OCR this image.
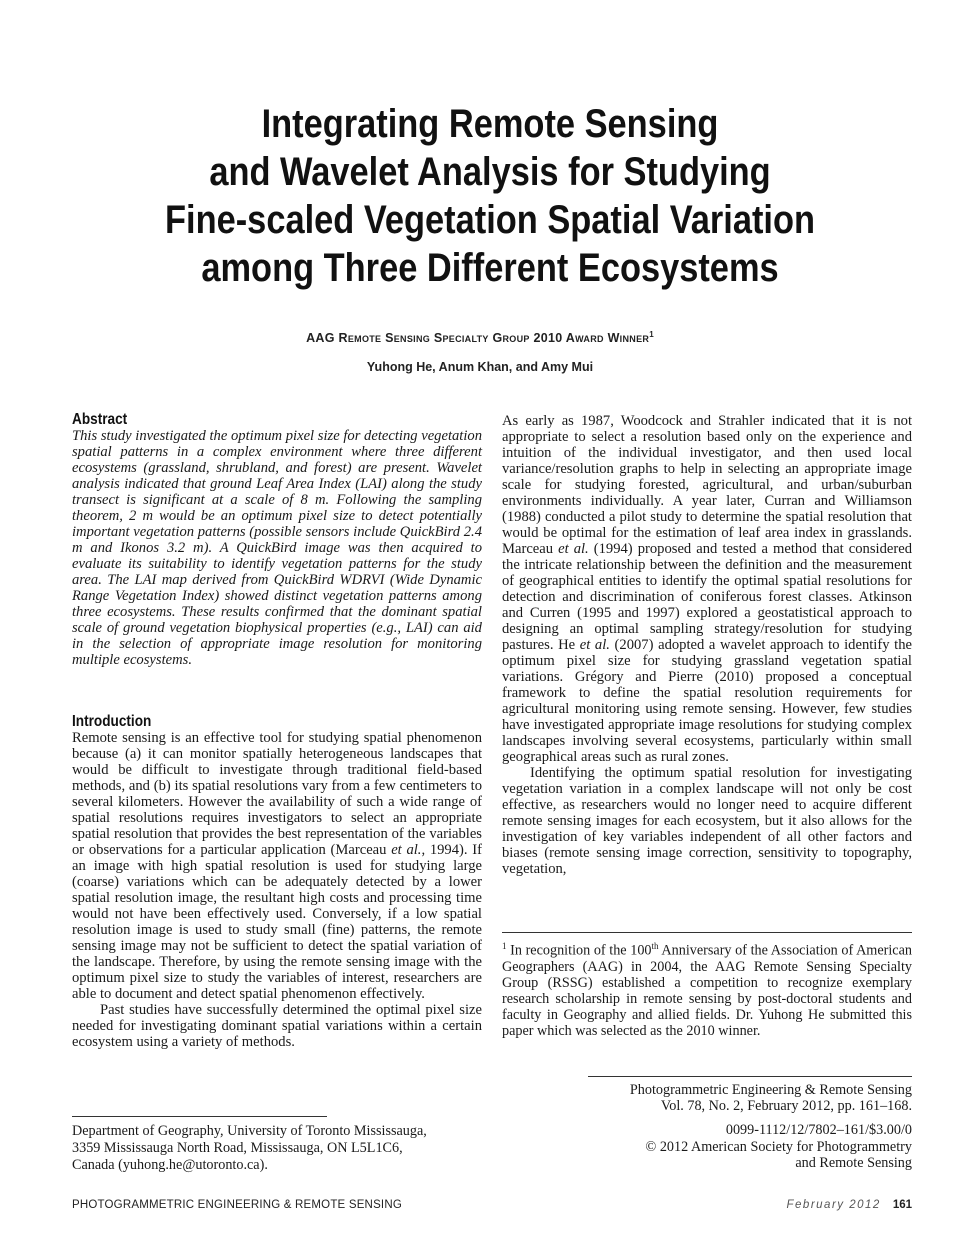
Integrating Remote Sensing
and Wavelet Analysis for Studying
Fine-scaled Vegetation Spatial Variation
among Three Different Ecosystems
AAG Remote Sensing Specialty Group 2010 Award Winner$^1$
Yuhong He, Anum Khan, and Amy Mui
Abstract

This study investigated the optimum pixel size for detecting vegetation spatial patterns in a complex environment where three different ecosystems (grassland, shrubland, and forest) are present. Wavelet analysis indicated that ground Leaf Area Index (LAI) along the study transect is significant at a scale of 8 m. Following the sampling theorem, 2 m would be an optimum pixel size to detect potentially important vegetation patterns (possible sensors include QuickBird 2.4 m and Ikonos 3.2 m). A QuickBird image was then acquired to evaluate its suitability to identify vegetation patterns for the study area. The LAI map derived from QuickBird WDRVI (Wide Dynamic Range Vegetation Index) showed distinct vegetation patterns among three ecosystems. These results confirmed that the dominant spatial scale of ground vegetation biophysical properties (e.g., LAI) can aid in the selection of appropriate image resolution for monitoring multiple ecosystems.

Introduction

Remote sensing is an effective tool for studying spatial phenomenon because (a) it can monitor spatially heterogeneous landscapes that would be difficult to investigate through traditional field-based methods, and (b) its spatial resolutions vary from a few centimeters to several kilometers. However the availability of such a wide range of spatial resolutions requires investigators to select an appropriate spatial resolution that provides the best representation of the variables or observations for a particular application (Marceau et al., 1994). If an image with high spatial resolution is used for studying large (coarse) variations which can be adequately detected by a lower spatial resolution image, the resultant high costs and processing time would not have been effectively used. Conversely, if a low spatial resolution image is used to study small (fine) patterns, the remote sensing image may not be sufficient to detect the spatial variation of the landscape. Therefore, by using the remote sensing image with the optimum pixel size to study the variables of interest, researchers are able to document and detect spatial phenomenon effectively.

Past studies have successfully determined the optimal pixel size needed for investigating dominant spatial variations within a certain ecosystem using a variety of methods.

As early as 1987, Woodcock and Strahler indicated that it is not appropriate to select a resolution based only on the experience and intuition of the individual investigator, and then used local variance/resolution graphs to help in selecting an appropriate image scale for studying forested, agricultural, and urban/suburban environments individually. A year later, Curran and Williamson (1988) conducted a pilot study to determine the spatial resolution that would be optimal for the estimation of leaf area index in grasslands. Marceau et al. (1994) proposed and tested a method that considered the intricate relationship between the definition and the measurement of geographical entities to identify the optimal spatial resolutions for detection and discrimination of coniferous forest classes. Atkinson and Curren (1995 and 1997) explored a geostatistical approach to designing an optimal sampling strategy/resolution for studying pastures. He et al. (2007) adopted a wavelet approach to identify the optimum pixel size for studying grassland vegetation spatial variations. Grégory and Pierre (2010) proposed a conceptual framework to define the spatial resolution requirements for agricultural monitoring using remote sensing. However, few studies have investigated appropriate image resolutions for studying complex landscapes involving several ecosystems, particularly within small geographical areas such as rural zones.

Identifying the optimum spatial resolution for investigating vegetation variation in a complex landscape will not only be cost effective, as researchers would no longer need to acquire different remote sensing images for each ecosystem, but it also allows for the investigation of key variables independent of all other factors and biases (remote sensing image correction, sensitivity to topography, vegetation,

$^1$ In recognition of the 100th Anniversary of the Association of American Geographers (AAG) in 2004, the AAG Remote Sensing Specialty Group (RSSG) established a competition to recognize exemplary research scholarship in remote sensing by post-doctoral students and faculty in Geography and allied fields. Dr. Yuhong He submitted this paper which was selected as the 2010 winner.
Photogrammetric Engineering & Remote Sensing
Vol. 78, No. 2, February 2012, pp. 161–168.
0099-1112/12/7802–161/$3.00/0
© 2012 American Society for Photogrammetry
and Remote Sensing
Department of Geography, University of Toronto Mississauga,
3359 Mississauga North Road, Mississauga, ON L5L1C6,
Canada (yuhong.he@utoronto.ca).
PHOTOGRAMMETRIC ENGINEERING & REMOTE SENSING	February 2012 161
